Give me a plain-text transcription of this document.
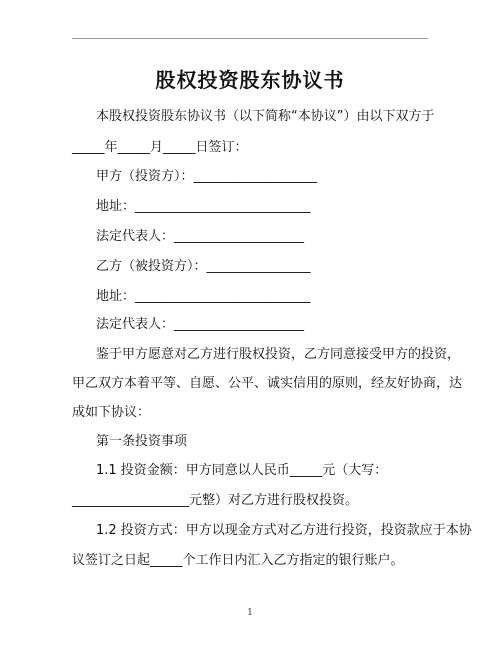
股权投资股东协议书
本股权投资股东协议书（以下简称“本协议”）由以下双方于
_____年_____月_____日签订：
甲方（投资方）：___________________
地址：___________________________
法定代表人：____________________
乙方（被投资方）：________________
地址：___________________________
法定代表人：____________________
鉴于甲方愿意对乙方进行股权投资，乙方同意接受甲方的投资，
甲乙双方本着平等、自愿、公平、诚实信用的原则，经友好协商，达
成如下协议：
第一条投资事项
1.1 投资金额：甲方同意以人民币_____元（大写：
__________________元整）对乙方进行股权投资。
1.2 投资方式：甲方以现金方式对乙方进行投资，投资款应于本协
议签订之日起_____个工作日内汇入乙方指定的银行账户。
1
